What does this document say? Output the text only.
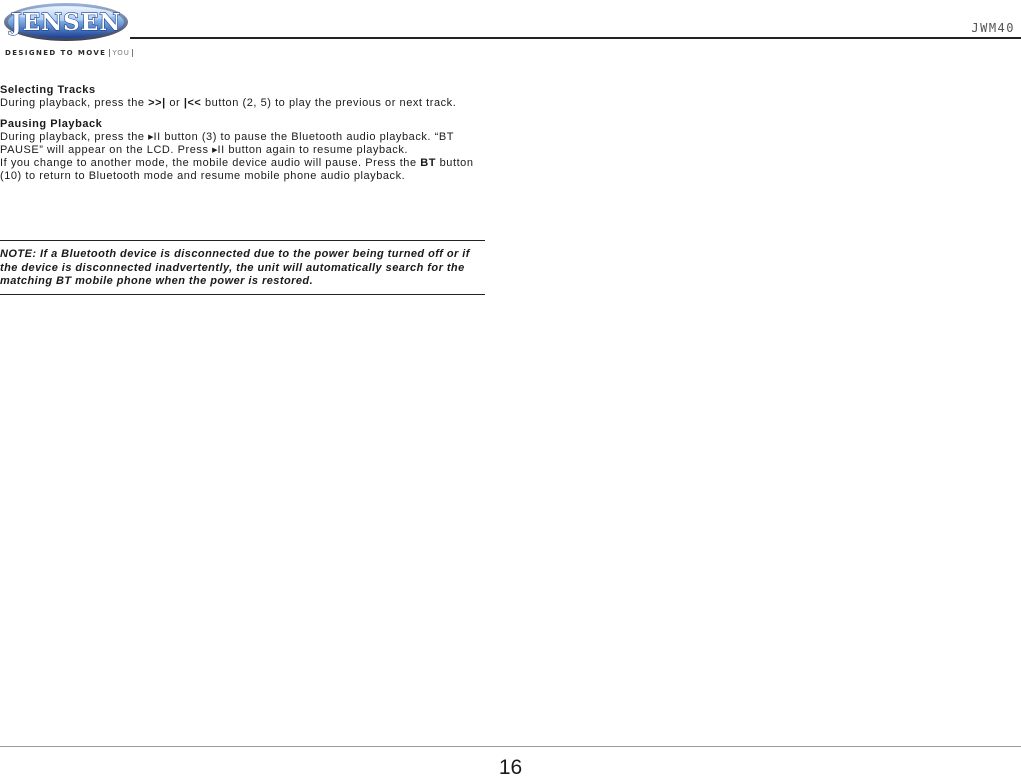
JENSEN
DESIGNED TO MOVE YOU
JWM40

Selecting Tracks

During playback, press the >>| or |<< button (2, 5) to play the previous or next track.

Pausing Playback

During playback, press the ▶II button (3) to pause the Bluetooth audio playback. “BT PAUSE” will appear on the LCD. Press ▶II button again to resume playback.

If you change to another mode, the mobile device audio will pause. Press the BT button (10) to return to Bluetooth mode and resume mobile phone audio playback.

NOTE: If a Bluetooth device is disconnected due to the power being turned off or if the device is disconnected inadvertently, the unit will automatically search for the matching BT mobile phone when the power is restored.
16
